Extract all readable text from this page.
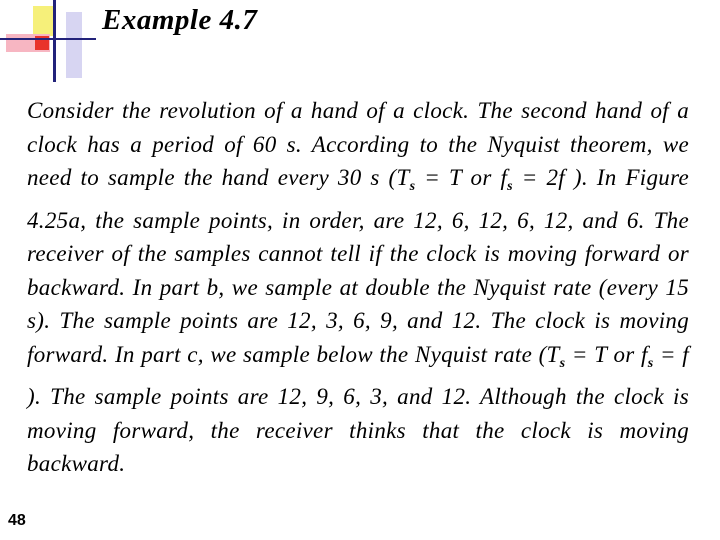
Example 4.7
Consider the revolution of a hand of a clock. The second hand of a clock has a period of 60 s. According to the Nyquist theorem, we need to sample the hand every 30 s ($T_s = T$ or $f_s = 2f$ ). In Figure 4.25a, the sample points, in order, are 12, 6, 12, 6, 12, and 6. The receiver of the samples cannot tell if the clock is moving forward or backward. In part b, we sample at double the Nyquist rate (every 15 s). The sample points are 12, 3, 6, 9, and 12. The clock is moving forward. In part c, we sample below the Nyquist rate ($T_s = T$ or $f_s = f$ ). The sample points are 12, 9, 6, 3, and 12. Although the clock is moving forward, the receiver thinks that the clock is moving backward.
48
